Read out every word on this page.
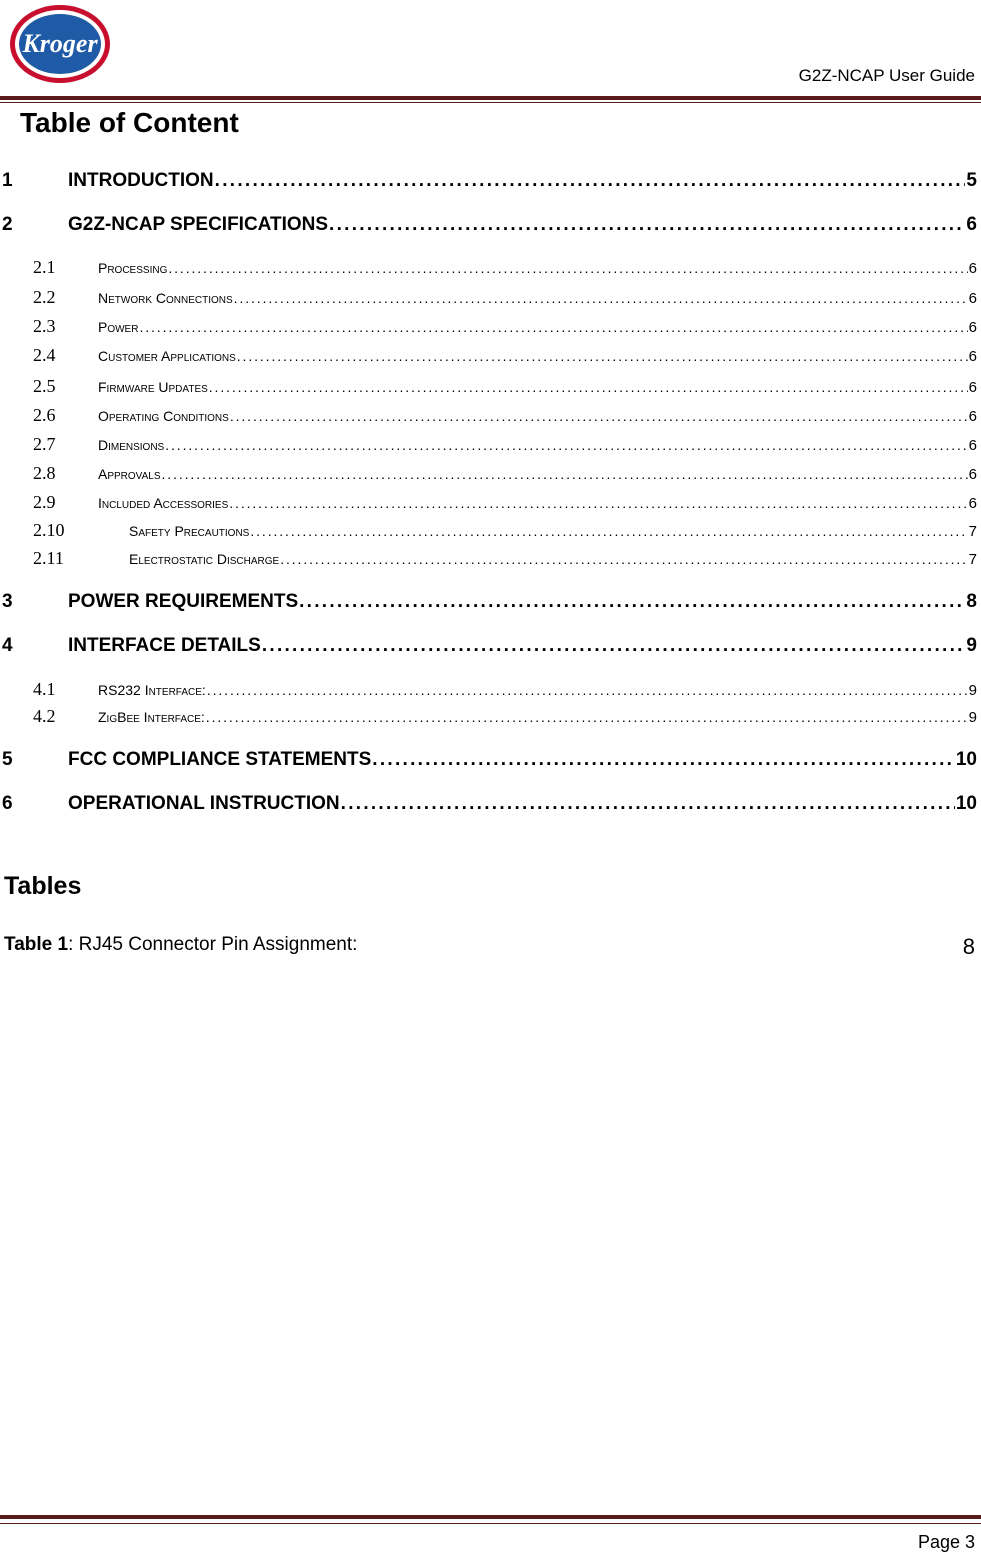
Kroger
G2Z-NCAP User Guide
Table of Content
1	INTRODUCTION . . .	5
2	G2Z-NCAP SPECIFICATIONS . . .	6
2.1	Processing . . .	6
2.2	Network Connections . . .	6
2.3	Power . . .	6
2.4	Customer Applications . . .	6
2.5	Firmware Updates . . .	6
2.6	Operating Conditions . . .	6
2.7	Dimensions . . .	6
2.8	Approvals . . .	6
2.9	Included Accessories . . .	6
2.10	Safety Precautions . . .	7
2.11	Electrostatic Discharge . . .	7
3	POWER REQUIREMENTS . . .	8
4	INTERFACE DETAILS . . .	9
4.1	RS232 Interface: . . .	9
4.2	ZigBee Interface: . . .	9
5	FCC COMPLIANCE STATEMENTS . . .	10
6	OPERATIONAL INSTRUCTION . . .	10
Tables
Table 1: RJ45 Connector Pin Assignment:	8
Page 3
